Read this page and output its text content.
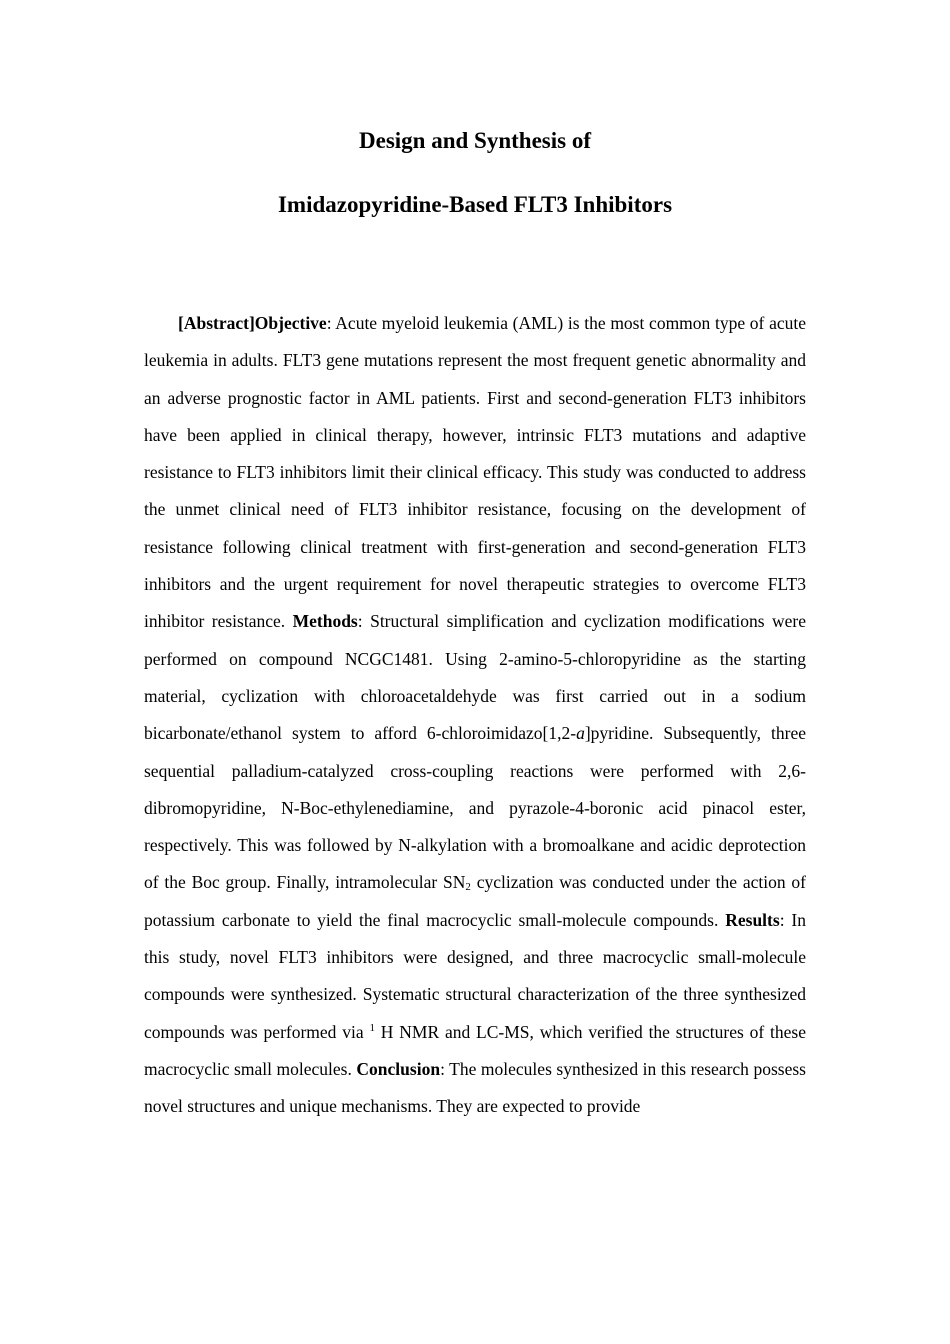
Design and Synthesis of
Imidazopyridine-Based FLT3 Inhibitors

[Abstract]Objective: Acute myeloid leukemia (AML) is the most common type of acute leukemia in adults. FLT3 gene mutations represent the most frequent genetic abnormality and an adverse prognostic factor in AML patients. First and second-generation FLT3 inhibitors have been applied in clinical therapy, however, intrinsic FLT3 mutations and adaptive resistance to FLT3 inhibitors limit their clinical efficacy. This study was conducted to address the unmet clinical need of FLT3 inhibitor resistance, focusing on the development of resistance following clinical treatment with first-generation and second-generation FLT3 inhibitors and the urgent requirement for novel therapeutic strategies to overcome FLT3 inhibitor resistance. Methods: Structural simplification and cyclization modifications were performed on compound NCGC1481. Using 2-amino-5-chloropyridine as the starting material, cyclization with chloroacetaldehyde was first carried out in a sodium bicarbonate/ethanol system to afford 6-chloroimidazo[1,2-a]pyridine. Subsequently, three sequential palladium-catalyzed cross-coupling reactions were performed with 2,6-dibromopyridine, N-Boc-ethylenediamine, and pyrazole-4-boronic acid pinacol ester, respectively. This was followed by N-alkylation with a bromoalkane and acidic deprotection of the Boc group. Finally, intramolecular SN2 cyclization was conducted under the action of potassium carbonate to yield the final macrocyclic small-molecule compounds. Results: In this study, novel FLT3 inhibitors were designed, and three macrocyclic small-molecule compounds were synthesized. Systematic structural characterization of the three synthesized compounds was performed via $^1$ H NMR and LC-MS, which verified the structures of these macrocyclic small molecules. Conclusion: The molecules synthesized in this research possess novel structures and unique mechanisms. They are expected to provide
